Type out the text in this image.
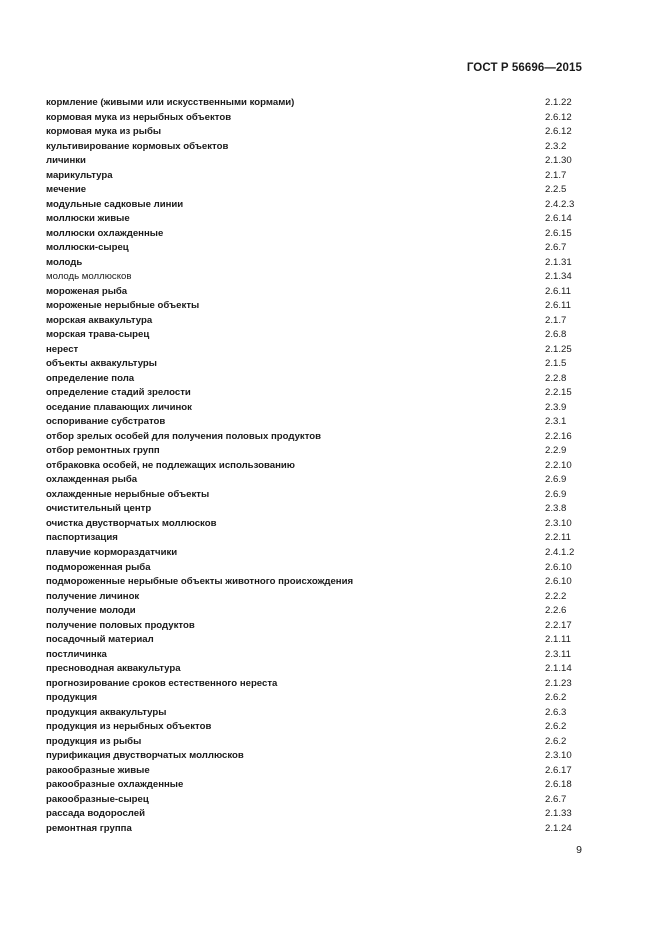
ГОСТ Р 56696—2015
кормление (живыми или искусственными кормами)	2.1.22
кормовая мука из нерыбных объектов	2.6.12
кормовая мука из рыбы	2.6.12
культивирование кормовых объектов	2.3.2
личинки	2.1.30
марикультура	2.1.7
мечение	2.2.5
модульные садковые линии	2.4.2.3
моллюски живые	2.6.14
моллюски охлажденные	2.6.15
моллюски-сырец	2.6.7
молодь	2.1.31
молодь моллюсков	2.1.34
мороженая рыба	2.6.11
мороженые нерыбные объекты	2.6.11
морская аквакультура	2.1.7
морская трава-сырец	2.6.8
нерест	2.1.25
объекты аквакультуры	2.1.5
определение пола	2.2.8
определение стадий зрелости	2.2.15
оседание плавающих личинок	2.3.9
оспоривание субстратов	2.3.1
отбор зрелых особей для получения половых продуктов	2.2.16
отбор ремонтных групп	2.2.9
отбраковка особей, не подлежащих использованию	2.2.10
охлажденная рыба	2.6.9
охлажденные нерыбные объекты	2.6.9
очистительный центр	2.3.8
очистка двустворчатых моллюсков	2.3.10
паспортизация	2.2.11
плавучие кормораздатчики	2.4.1.2
подмороженная рыба	2.6.10
подмороженные нерыбные объекты животного происхождения	2.6.10
получение личинок	2.2.2
получение молоди	2.2.6
получение половых продуктов	2.2.17
посадочный материал	2.1.11
постличинка	2.3.11
пресноводная аквакультура	2.1.14
прогнозирование сроков естественного нереста	2.1.23
продукция	2.6.2
продукция аквакультуры	2.6.3
продукция из нерыбных объектов	2.6.2
продукция из рыбы	2.6.2
пурификация двустворчатых моллюсков	2.3.10
ракообразные живые	2.6.17
ракообразные охлажденные	2.6.18
ракообразные-сырец	2.6.7
рассада водорослей	2.1.33
ремонтная группа	2.1.24
9
